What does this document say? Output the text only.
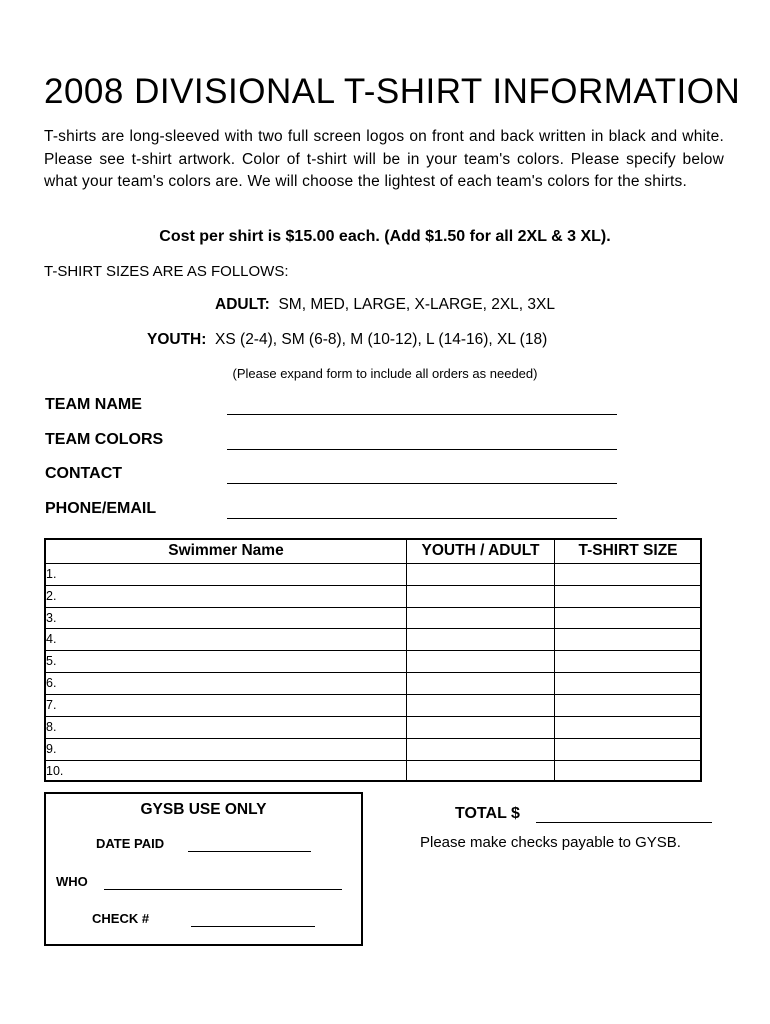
2008 DIVISIONAL T-SHIRT INFORMATION
T-shirts are long-sleeved with two full screen logos on front and back written in black and white. Please see t-shirt artwork. Color of t-shirt will be in your team's colors. Please specify below what your team's colors are. We will choose the lightest of each team's colors for the shirts.
Cost per shirt is $15.00 each. (Add $1.50 for all 2XL & 3 XL).
T-SHIRT SIZES ARE AS FOLLOWS:
ADULT: SM, MED, LARGE, X-LARGE, 2XL, 3XL
YOUTH: XS (2-4), SM (6-8), M (10-12), L (14-16), XL (18)
(Please expand form to include all orders as needed)
TEAM NAME
TEAM COLORS
CONTACT
PHONE/EMAIL
Swimmer Name	YOUTH / ADULT	T-SHIRT SIZE
1.
2.
3.
4.
5.
6.
7.
8.
9.
10.
GYSB USE ONLY
DATE PAID
WHO
CHECK #
TOTAL $
Please make checks payable to GYSB.
